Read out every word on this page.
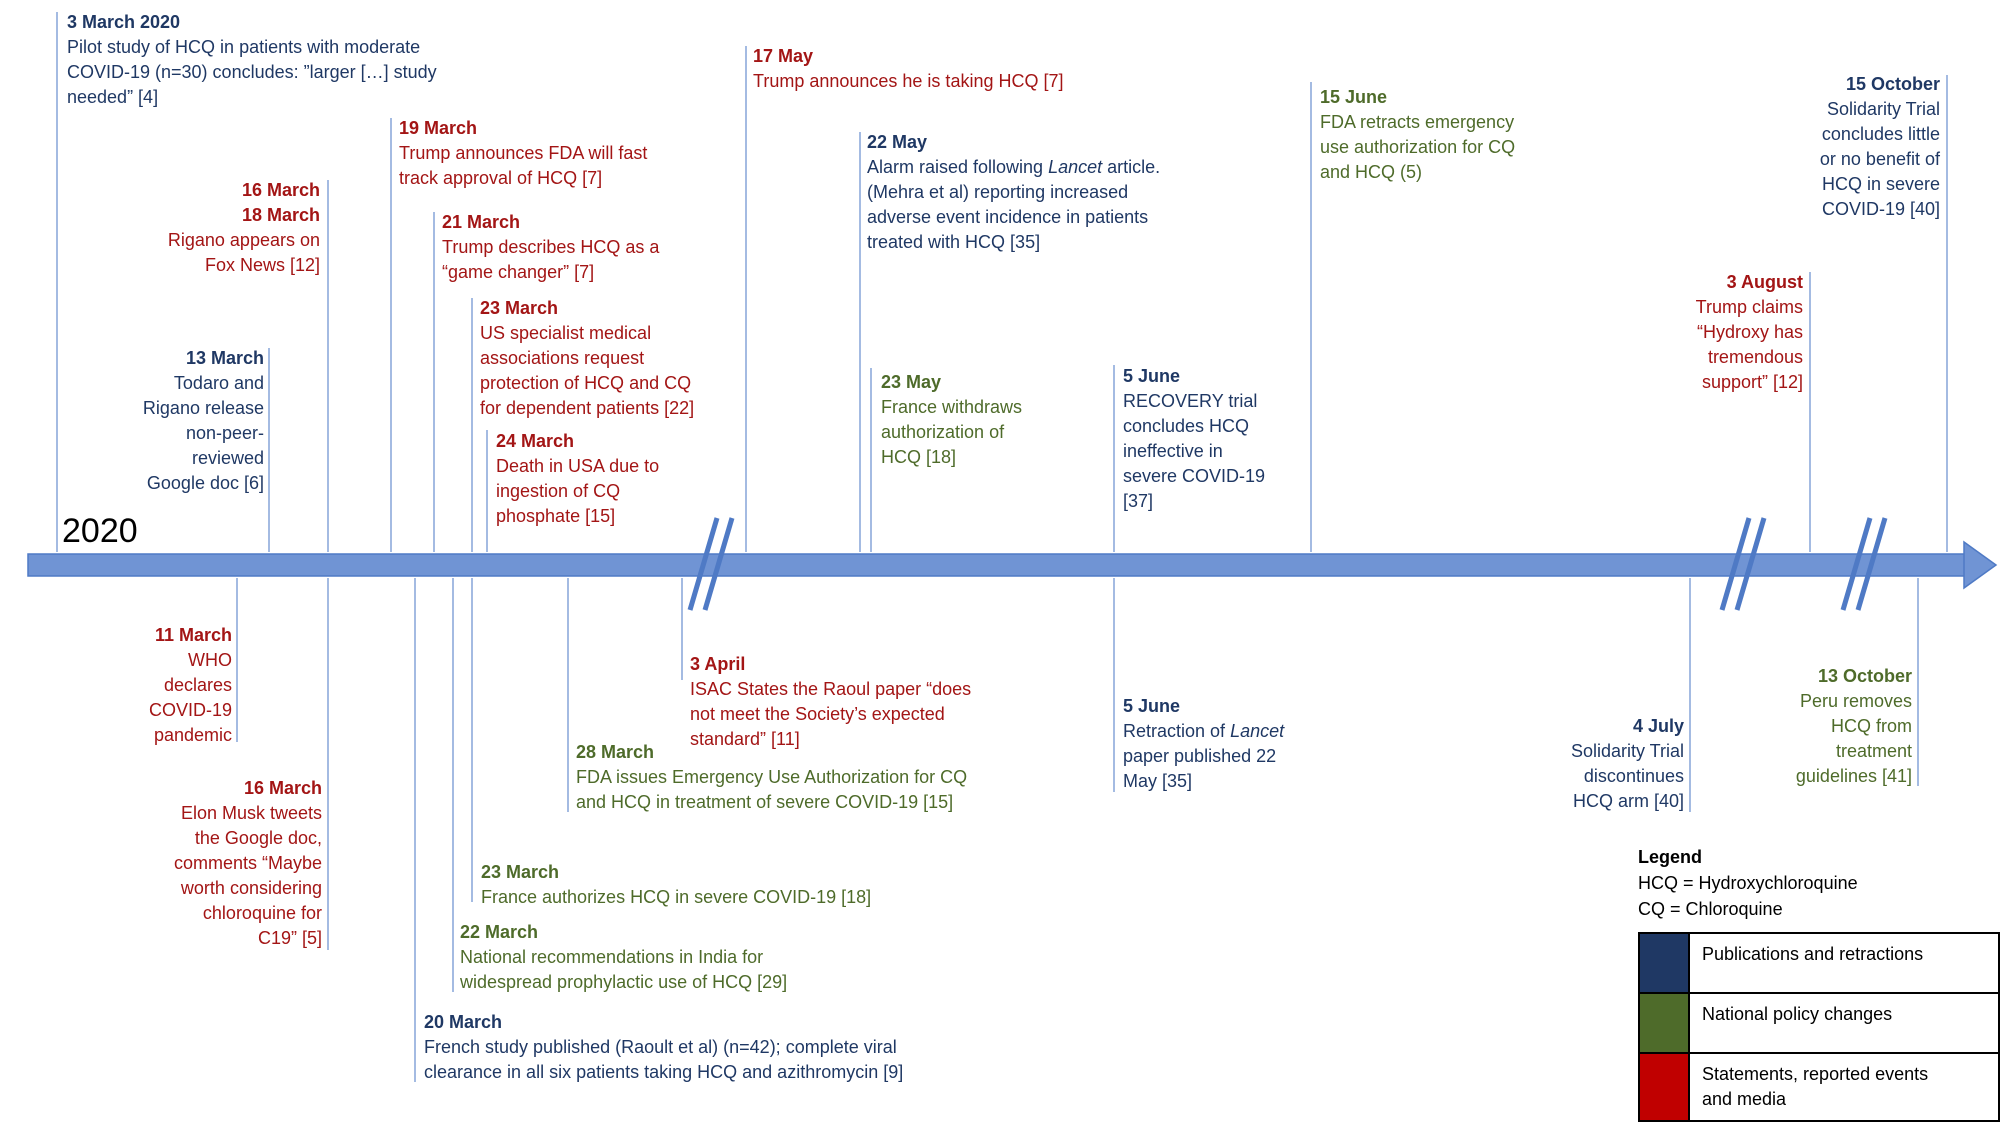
2020
3 March 2020
Pilot study of HCQ in patients with moderate
COVID-19 (n=30) concludes: ”larger […] study
needed” [4]
16 March
18 March
Rigano appears on
Fox News [12]
13 March
Todaro and
Rigano release
non-peer-
reviewed
Google doc [6]
19 March
Trump announces FDA will fast
track approval of HCQ [7]
21 March
Trump describes HCQ as a
“game changer” [7]
23 March
US specialist medical
associations request
protection of HCQ and CQ
for dependent patients [22]
24 March
Death in USA due to
ingestion of CQ
phosphate [15]
17 May
Trump announces he is taking HCQ [7]
22 May
Alarm raised following Lancet article.
(Mehra et al) reporting increased
adverse event incidence in patients
treated with HCQ [35]
23 May
France withdraws
authorization of
HCQ [18]
5 June
RECOVERY trial
concludes HCQ
ineffective in
severe COVID-19
[37]
15 June
FDA retracts emergency
use authorization for CQ
and HCQ (5)
3 August
Trump claims
“Hydroxy has
tremendous
support” [12]
15 October
Solidarity Trial
concludes little
or no benefit of
HCQ in severe
COVID-19 [40]
11 March
WHO
declares
COVID-19
pandemic
16 March
Elon Musk tweets
the Google doc,
comments “Maybe
worth considering
chloroquine for
C19” [5]
20 March
French study published (Raoult et al) (n=42); complete viral
clearance in all six patients taking HCQ and azithromycin [9]
22 March
National recommendations in India for
widespread prophylactic use of HCQ [29]
23 March
France authorizes HCQ in severe COVID-19 [18]
28 March
FDA issues Emergency Use Authorization for CQ
and HCQ in treatment of severe COVID-19 [15]
3 April
ISAC States the Raoul paper “does
not meet the Society’s expected
standard” [11]
5 June
Retraction of Lancet
paper published 22
May [35]
4 July
Solidarity Trial
discontinues
HCQ arm [40]
13 October
Peru removes
HCQ from
treatment
guidelines [41]
Legend
HCQ = Hydroxychloroquine
CQ = Chloroquine
	Publications and retractions
	National policy changes
	Statements, reported events
and media
